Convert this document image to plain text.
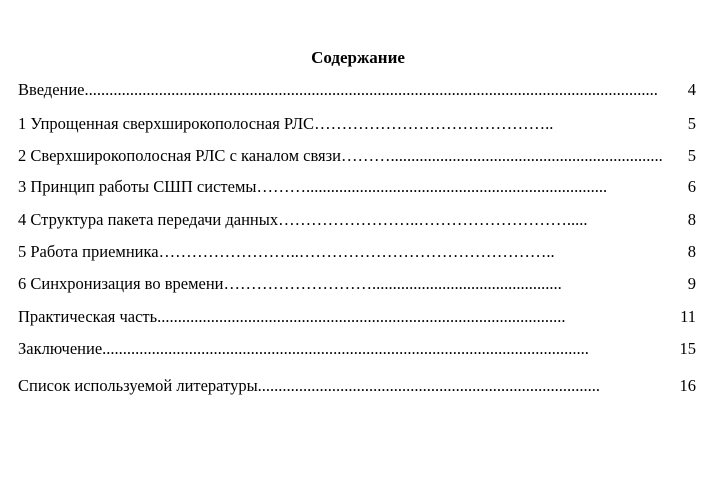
Содержание
Введение ...........................................................................................................................................	4
1 Упрощенная сверхширокополосная РЛС ……………………………………..	5
2 Сверхширокополосная РЛС с каналом связи ………..................................................................	5
3 Принцип работы СШП системы ……….........................................................................	6
4 Структура пакета передачи данных ……………………..……………………….....	8
5 Работа приемника ……………………..………………………………………..	8
6 Синхронизация во времени ………………………..............................................	9
Практическая часть ...................................................................................................	11
Заключение ......................................................................................................................	15
Список используемой литературы ...................................................................................	16
